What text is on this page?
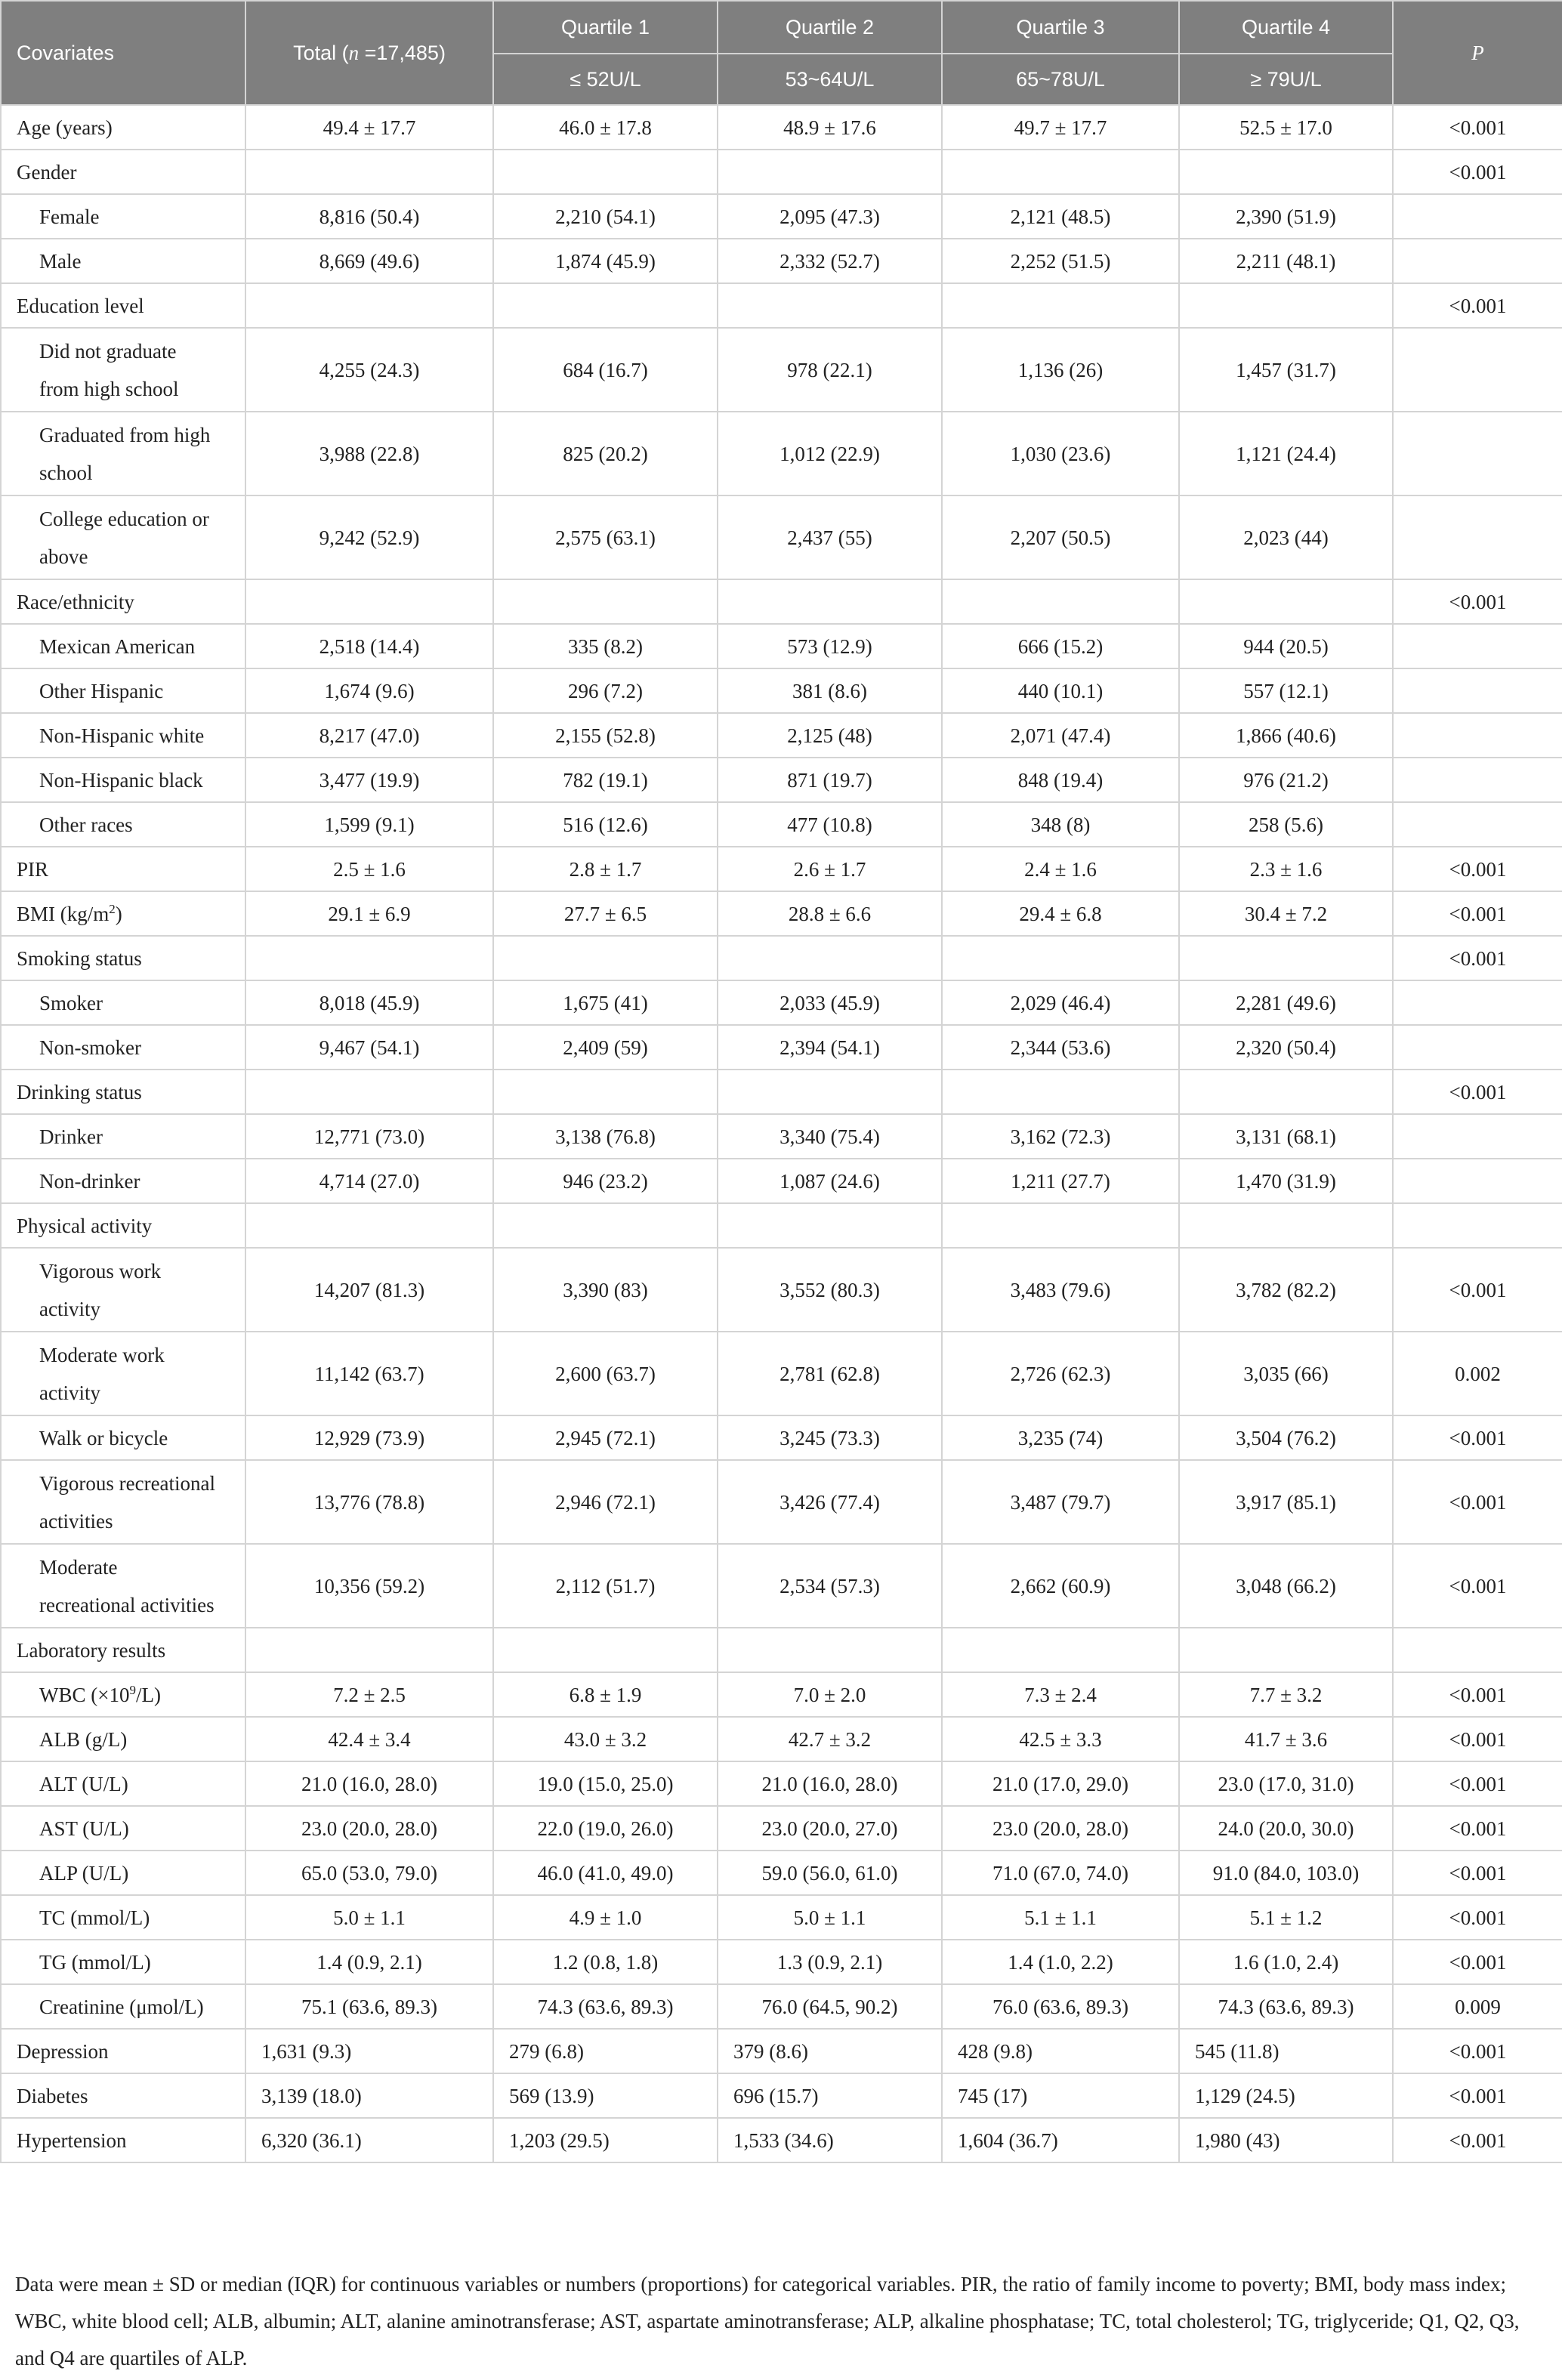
Covariates	Total (n =17,485)	Quartile 1	Quartile 2	Quartile 3	Quartile 4	P
		≤ 52U/L	53~64U/L	65~78U/L	≥ 79U/L	
Age (years)	49.4 ± 17.7	46.0 ± 17.8	48.9 ± 17.6	49.7 ± 17.7	52.5 ± 17.0	<0.001
Gender						<0.001
Female	8,816 (50.4)	2,210 (54.1)	2,095 (47.3)	2,121 (48.5)	2,390 (51.9)	
Male	8,669 (49.6)	1,874 (45.9)	2,332 (52.7)	2,252 (51.5)	2,211 (48.1)	
Education level						<0.001
Did not graduate
from high school	4,255 (24.3)	684 (16.7)	978 (22.1)	1,136 (26)	1,457 (31.7)	
Graduated from high
school	3,988 (22.8)	825 (20.2)	1,012 (22.9)	1,030 (23.6)	1,121 (24.4)	
College education or
above	9,242 (52.9)	2,575 (63.1)	2,437 (55)	2,207 (50.5)	2,023 (44)	
Race/ethnicity						<0.001
Mexican American	2,518 (14.4)	335 (8.2)	573 (12.9)	666 (15.2)	944 (20.5)	
Other Hispanic	1,674 (9.6)	296 (7.2)	381 (8.6)	440 (10.1)	557 (12.1)	
Non-Hispanic white	8,217 (47.0)	2,155 (52.8)	2,125 (48)	2,071 (47.4)	1,866 (40.6)	
Non-Hispanic black	3,477 (19.9)	782 (19.1)	871 (19.7)	848 (19.4)	976 (21.2)	
Other races	1,599 (9.1)	516 (12.6)	477 (10.8)	348 (8)	258 (5.6)	
PIR	2.5 ± 1.6	2.8 ± 1.7	2.6 ± 1.7	2.4 ± 1.6	2.3 ± 1.6	<0.001
BMI $(kg/m^2)$	29.1 ± 6.9	27.7 ± 6.5	28.8 ± 6.6	29.4 ± 6.8	30.4 ± 7.2	<0.001
Smoking status						<0.001
Smoker	8,018 (45.9)	1,675 (41)	2,033 (45.9)	2,029 (46.4)	2,281 (49.6)	
Non-smoker	9,467 (54.1)	2,409 (59)	2,394 (54.1)	2,344 (53.6)	2,320 (50.4)	
Drinking status						<0.001
Drinker	12,771 (73.0)	3,138 (76.8)	3,340 (75.4)	3,162 (72.3)	3,131 (68.1)	
Non-drinker	4,714 (27.0)	946 (23.2)	1,087 (24.6)	1,211 (27.7)	1,470 (31.9)	
Physical activity						
Vigorous work
activity	14,207 (81.3)	3,390 (83)	3,552 (80.3)	3,483 (79.6)	3,782 (82.2)	<0.001
Moderate work
activity	11,142 (63.7)	2,600 (63.7)	2,781 (62.8)	2,726 (62.3)	3,035 (66)	0.002
Walk or bicycle	12,929 (73.9)	2,945 (72.1)	3,245 (73.3)	3,235 (74)	3,504 (76.2)	<0.001
Vigorous recreational
activities	13,776 (78.8)	2,946 (72.1)	3,426 (77.4)	3,487 (79.7)	3,917 (85.1)	<0.001
Moderate
recreational activities	10,356 (59.2)	2,112 (51.7)	2,534 (57.3)	2,662 (60.9)	3,048 (66.2)	<0.001
Laboratory results						
WBC $(\times 10^9/L)$	7.2 ± 2.5	6.8 ± 1.9	7.0 ± 2.0	7.3 ± 2.4	7.7 ± 3.2	<0.001
ALB (g/L)	42.4 ± 3.4	43.0 ± 3.2	42.7 ± 3.2	42.5 ± 3.3	41.7 ± 3.6	<0.001
ALT (U/L)	21.0 (16.0, 28.0)	19.0 (15.0, 25.0)	21.0 (16.0, 28.0)	21.0 (17.0, 29.0)	23.0 (17.0, 31.0)	<0.001
AST (U/L)	23.0 (20.0, 28.0)	22.0 (19.0, 26.0)	23.0 (20.0, 27.0)	23.0 (20.0, 28.0)	24.0 (20.0, 30.0)	<0.001
ALP (U/L)	65.0 (53.0, 79.0)	46.0 (41.0, 49.0)	59.0 (56.0, 61.0)	71.0 (67.0, 74.0)	91.0 (84.0, 103.0)	<0.001
TC (mmol/L)	5.0 ± 1.1	4.9 ± 1.0	5.0 ± 1.1	5.1 ± 1.1	5.1 ± 1.2	<0.001
TG (mmol/L)	1.4 (0.9, 2.1)	1.2 (0.8, 1.8)	1.3 (0.9, 2.1)	1.4 (1.0, 2.2)	1.6 (1.0, 2.4)	<0.001
Creatinine (μmol/L)	75.1 (63.6, 89.3)	74.3 (63.6, 89.3)	76.0 (64.5, 90.2)	76.0 (63.6, 89.3)	74.3 (63.6, 89.3)	0.009
Depression	1,631 (9.3)	279 (6.8)	379 (8.6)	428 (9.8)	545 (11.8)	<0.001
Diabetes	3,139 (18.0)	569 (13.9)	696 (15.7)	745 (17)	1,129 (24.5)	<0.001
Hypertension	6,320 (36.1)	1,203 (29.5)	1,533 (34.6)	1,604 (36.7)	1,980 (43)	<0.001
Data were mean ± SD or median (IQR) for continuous variables or numbers (proportions) for categorical variables. PIR, the ratio of family income to poverty; BMI, body mass index; WBC, white blood cell; ALB, albumin; ALT, alanine aminotransferase; AST, aspartate aminotransferase; ALP, alkaline phosphatase; TC, total cholesterol; TG, triglyceride; Q1, Q2, Q3, and Q4 are quartiles of ALP.
